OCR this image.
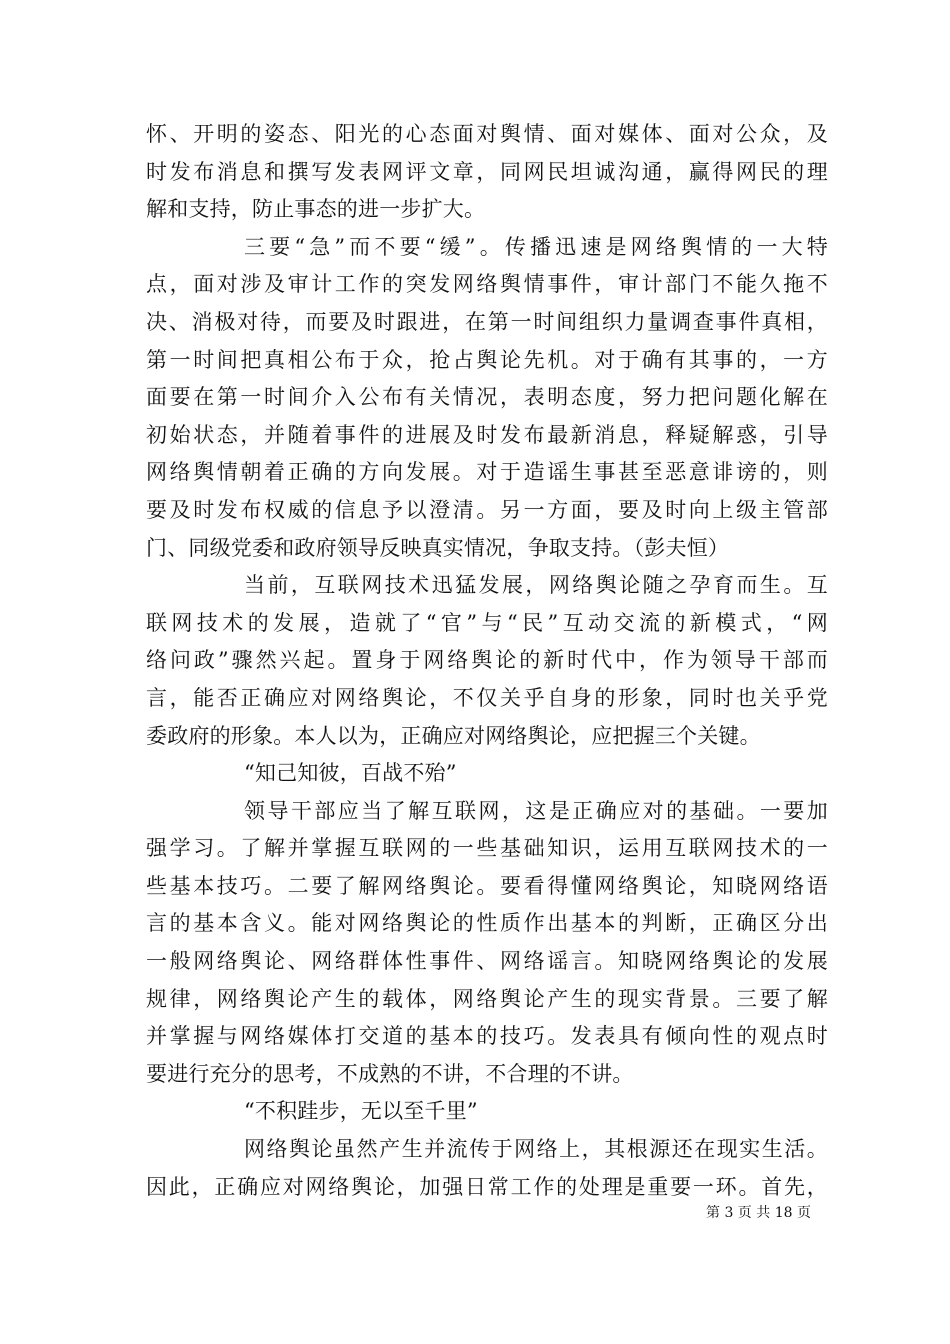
怀、开明的姿态、阳光的心态面对舆情、面对媒体、面对公众，及
时发布消息和撰写发表网评文章，同网民坦诚沟通，赢得网民的理
解和支持，防止事态的进一步扩大。
三要“急”而不要“缓”。传播迅速是网络舆情的一大特
点，面对涉及审计工作的突发网络舆情事件，审计部门不能久拖不
决、消极对待，而要及时跟进，在第一时间组织力量调查事件真相，
第一时间把真相公布于众，抢占舆论先机。对于确有其事的，一方
面要在第一时间介入公布有关情况，表明态度，努力把问题化解在
初始状态，并随着事件的进展及时发布最新消息，释疑解惑，引导
网络舆情朝着正确的方向发展。对于造谣生事甚至恶意诽谤的，则
要及时发布权威的信息予以澄清。另一方面，要及时向上级主管部
门、同级党委和政府领导反映真实情况，争取支持。（彭夫恒）
当前，互联网技术迅猛发展，网络舆论随之孕育而生。互
联网技术的发展，造就了“官”与“民”互动交流的新模式，“网
络问政”骤然兴起。置身于网络舆论的新时代中，作为领导干部而
言，能否正确应对网络舆论，不仅关乎自身的形象，同时也关乎党
委政府的形象。本人以为，正确应对网络舆论，应把握三个关键。
“知己知彼，百战不殆”
领导干部应当了解互联网，这是正确应对的基础。一要加
强学习。了解并掌握互联网的一些基础知识，运用互联网技术的一
些基本技巧。二要了解网络舆论。要看得懂网络舆论，知晓网络语
言的基本含义。能对网络舆论的性质作出基本的判断，正确区分出
一般网络舆论、网络群体性事件、网络谣言。知晓网络舆论的发展
规律，网络舆论产生的载体，网络舆论产生的现实背景。三要了解
并掌握与网络媒体打交道的基本的技巧。发表具有倾向性的观点时
要进行充分的思考，不成熟的不讲，不合理的不讲。
“不积跬步，无以至千里”
网络舆论虽然产生并流传于网络上，其根源还在现实生活。
因此，正确应对网络舆论，加强日常工作的处理是重要一环。首先，
第 3 页 共 18 页
